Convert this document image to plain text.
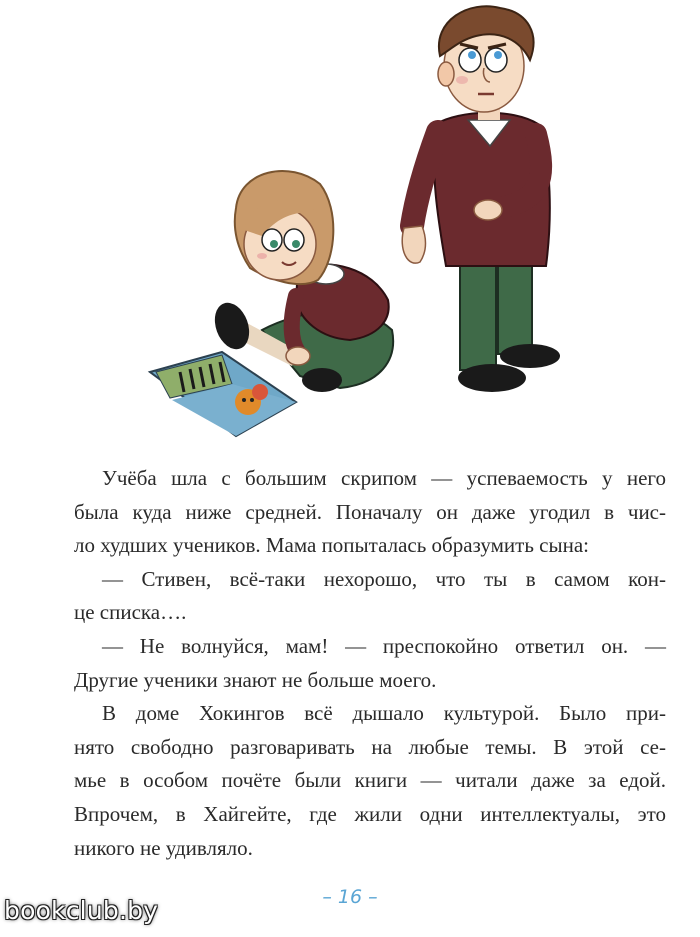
Учёба шла с большим скрипом — успеваемость у него
была куда ниже средней. Поначалу он даже угодил в чис-
ло худших учеников. Мама попыталась образумить сына:
— Стивен, всё-таки нехорошо, что ты в самом кон-
це списка….
— Не волнуйся, мам! — преспокойно ответил он. —
Другие ученики знают не больше моего.
В доме Хокингов всё дышало культурой. Было при-
нято свободно разговаривать на любые темы. В этой се-
мье в особом почёте были книги — читали даже за едой.
Впрочем, в Хайгейте, где жили одни интеллектуалы, это
никого не удивляло.
– 16 –
bookclub.by
